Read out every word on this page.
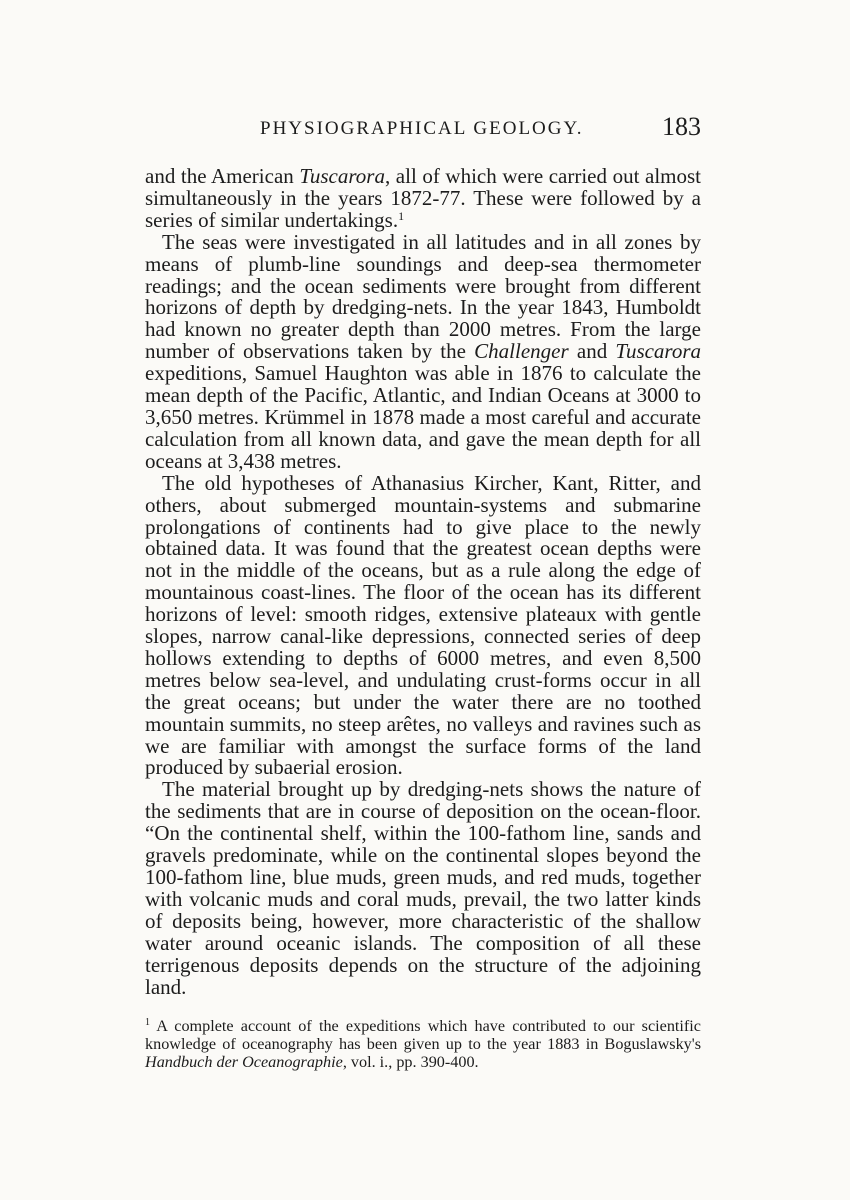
PHYSIOGRAPHICAL GEOLOGY.	183

and the American Tuscarora, all of which were carried out almost simultaneously in the years 1872-77. These were followed by a series of similar undertakings.$^1$

The seas were investigated in all latitudes and in all zones by means of plumb-line soundings and deep-sea thermometer readings; and the ocean sediments were brought from different horizons of depth by dredging-nets. In the year 1843, Humboldt had known no greater depth than 2000 metres. From the large number of observations taken by the Challenger and Tuscarora expeditions, Samuel Haughton was able in 1876 to calculate the mean depth of the Pacific, Atlantic, and Indian Oceans at 3000 to 3,650 metres. Krümmel in 1878 made a most careful and accurate calculation from all known data, and gave the mean depth for all oceans at 3,438 metres.

The old hypotheses of Athanasius Kircher, Kant, Ritter, and others, about submerged mountain-systems and submarine prolongations of continents had to give place to the newly obtained data. It was found that the greatest ocean depths were not in the middle of the oceans, but as a rule along the edge of mountainous coast-lines. The floor of the ocean has its different horizons of level: smooth ridges, extensive plateaux with gentle slopes, narrow canal-like depressions, connected series of deep hollows extending to depths of 6000 metres, and even 8,500 metres below sea-level, and undulating crust-forms occur in all the great oceans; but under the water there are no toothed mountain summits, no steep arêtes, no valleys and ravines such as we are familiar with amongst the surface forms of the land produced by subaerial erosion.

The material brought up by dredging-nets shows the nature of the sediments that are in course of deposition on the ocean-floor. “On the continental shelf, within the 100-fathom line, sands and gravels predominate, while on the continental slopes beyond the 100-fathom line, blue muds, green muds, and red muds, together with volcanic muds and coral muds, prevail, the two latter kinds of deposits being, however, more characteristic of the shallow water around oceanic islands. The composition of all these terrigenous deposits depends on the structure of the adjoining land.

$^1$ A complete account of the expeditions which have contributed to our scientific knowledge of oceanography has been given up to the year 1883 in Boguslawsky's Handbuch der Oceanographie, vol. i., pp. 390-400.
